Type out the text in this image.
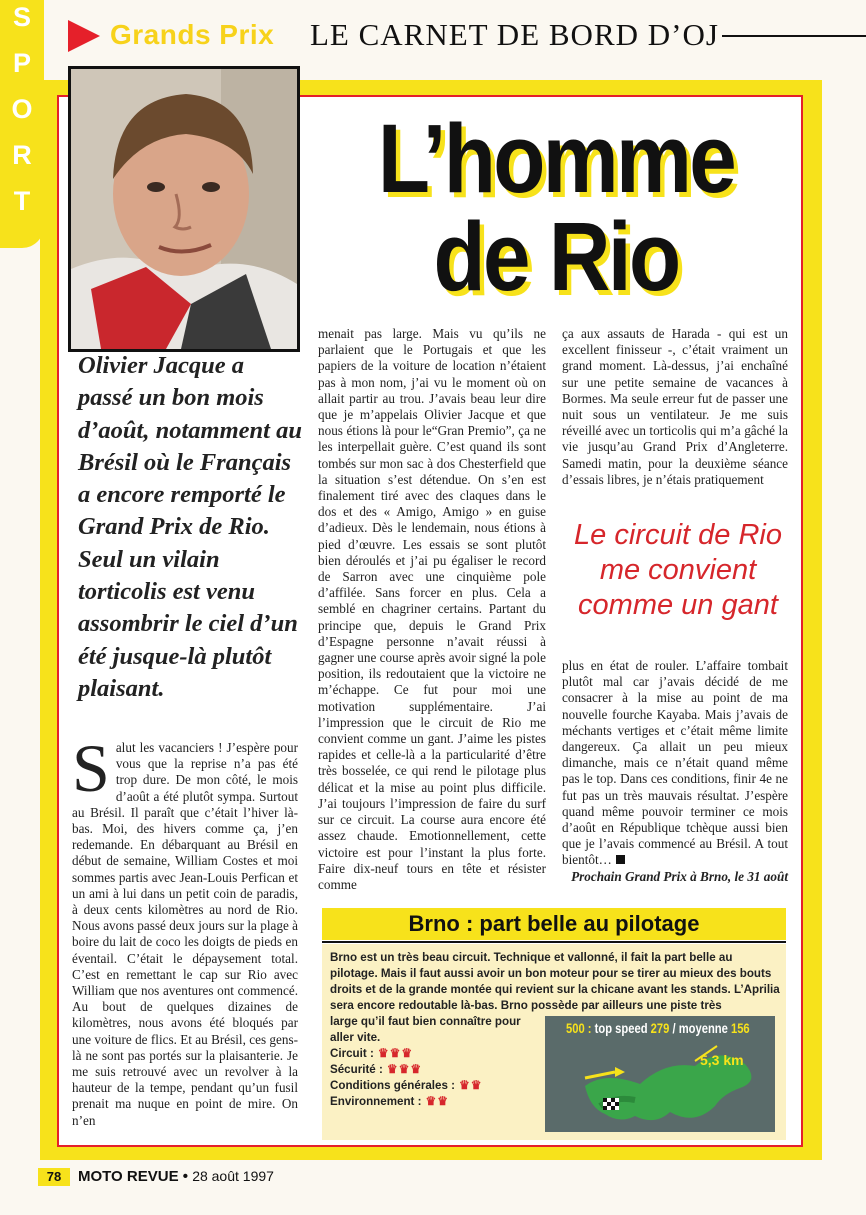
S
P
O
R
T
Grands Prix LE CARNET DE BORD D’OJ
L’homme
de Rio
Olivier Jacque a passé un bon mois d’août, notamment au Brésil où le Français a encore remporté le Grand Prix de Rio. Seul un vilain torticolis est venu assombrir le ciel d’un été jusque-là plutôt plaisant.
S alut les vacanciers ! J’espère pour vous que la reprise n’a pas été trop dure. De mon côté, le mois d’août a été plutôt sympa. Surtout au Brésil. Il paraît que c’était l’hiver là-bas. Moi, des hivers comme ça, j’en redemande. En débarquant au Brésil en début de semaine, William Costes et moi sommes partis avec Jean-Louis Perfican et un ami à lui dans un petit coin de paradis, à deux cents kilomètres au nord de Rio. Nous avons passé deux jours sur la plage à boire du lait de coco les doigts de pieds en éventail. C’était le dépaysement total. C’est en remettant le cap sur Rio avec William que nos aventures ont commencé. Au bout de quelques dizaines de kilomètres, nous avons été bloqués par une voiture de flics. Et au Brésil, ces gens-là ne sont pas portés sur la plaisanterie. Je me suis retrouvé avec un revolver à la hauteur de la tempe, pendant qu’un fusil prenait ma nuque en point de mire. On n’en
menait pas large. Mais vu qu’ils ne parlaient que le Portugais et que les papiers de la voiture de location n’étaient pas à mon nom, j’ai vu le moment où on allait partir au trou. J’avais beau leur dire que je m’appelais Olivier Jacque et que nous étions là pour le“Gran Premio”, ça ne les interpellait guère. C’est quand ils sont tombés sur mon sac à dos Chesterfield que la situation s’est détendue. On s’en est finalement tiré avec des claques dans le dos et des « Amigo, Amigo » en guise d’adieux. Dès le lendemain, nous étions à pied d’œuvre. Les essais se sont plutôt bien déroulés et j’ai pu égaliser le record de Sarron avec une cinquième pole d’affilée. Sans forcer en plus. Cela a semblé en chagriner certains. Partant du principe que, depuis le Grand Prix d’Espagne personne n’avait réussi à gagner une course après avoir signé la pole position, ils redoutaient que la victoire ne m’échappe. Ce fut pour moi une motivation supplémentaire. J’ai l’impression que le circuit de Rio me convient comme un gant. J’aime les pistes rapides et celle-là a la particularité d’être très bosselée, ce qui rend le pilotage plus délicat et la mise au point plus difficile. J’ai toujours l’impression de faire du surf sur ce circuit. La course aura encore été assez chaude. Emotionnellement, cette victoire est pour l’instant la plus forte. Faire dix-neuf tours en tête et résister comme
ça aux assauts de Harada - qui est un excellent finisseur -, c’était vraiment un grand moment. Là-dessus, j’ai enchaîné sur une petite semaine de vacances à Bormes. Ma seule erreur fut de passer une nuit sous un ventilateur. Je me suis réveillé avec un torticolis qui m’a gâché la vie jusqu’au Grand Prix d’Angleterre. Samedi matin, pour la deuxième séance d’essais libres, je n’étais pratiquement
Le circuit de Rio me convient comme un gant
plus en état de rouler. L’affaire tombait plutôt mal car j’avais décidé de me consacrer à la mise au point de ma nouvelle fourche Kayaba. Mais j’avais de méchants vertiges et c’était même limite dangereux. Ça allait un peu mieux dimanche, mais ce n’était quand même pas le top. Dans ces conditions, finir 4e ne fut pas un très mauvais résultat. J’espère quand même pouvoir terminer ce mois d’août en République tchèque aussi bien que je l’avais commencé au Brésil. A tout bientôt…
Prochain Grand Prix à Brno, le 31 août
Brno : part belle au pilotage
Brno est un très beau circuit. Technique et vallonné, il fait la part belle au pilotage. Mais il faut aussi avoir un bon moteur pour se tirer au mieux des bouts droits et de la grande montée qui revient sur la chicane avant les stands. L’Aprilia sera encore redoutable là-bas. Brno possède par ailleurs une piste très
large qu’il faut bien connaître pour aller vite.
Circuit : ♛♛♛
Sécurité : ♛♛♛
Conditions générales : ♛♛
Environnement : ♛♛
500 : top speed 279 / moyenne 156
5,3 km
78	MOTO REVUE • 28 août 1997
